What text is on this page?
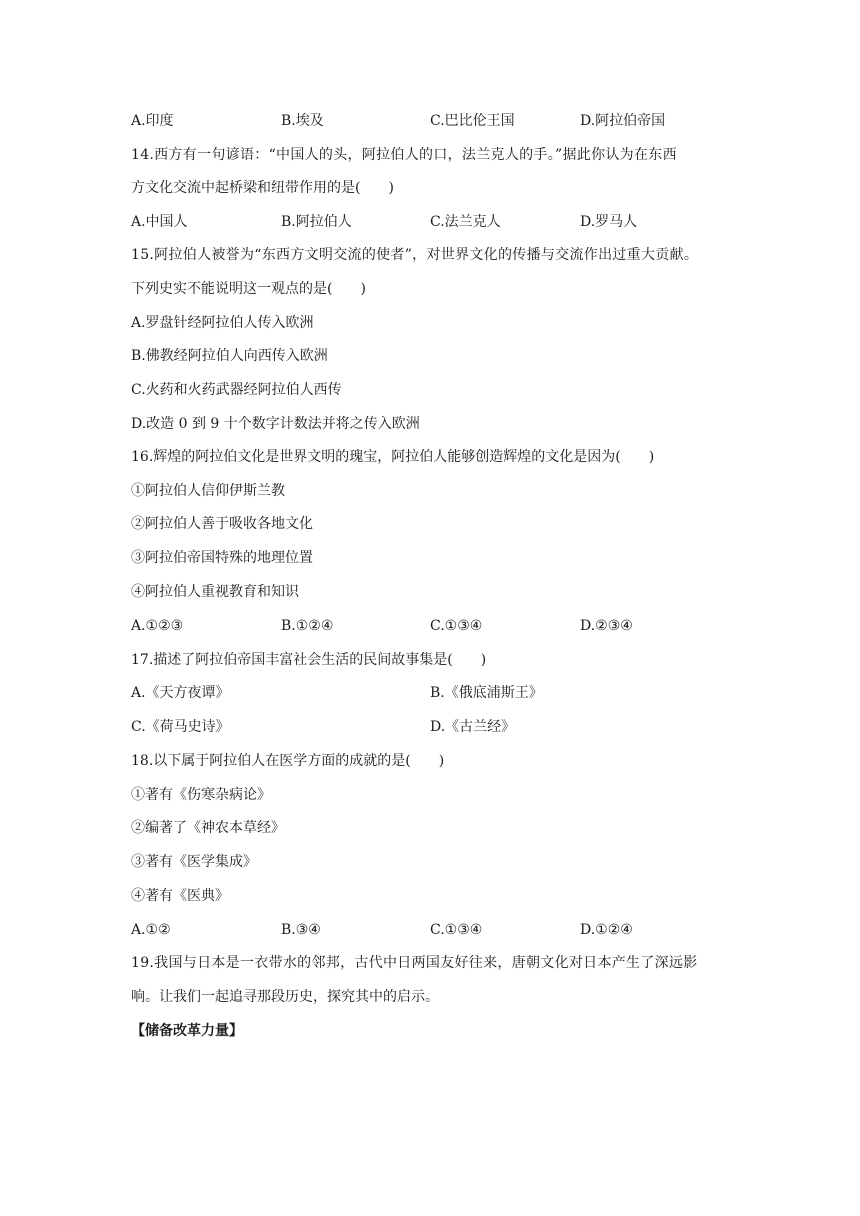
A.印度	B.埃及	C.巴比伦王国	D.阿拉伯帝国
14.西方有一句谚语：“中国人的头，阿拉伯人的口，法兰克人的手。”据此你认为在东西
方文化交流中起桥梁和纽带作用的是(　　)
A.中国人	B.阿拉伯人	C.法兰克人	D.罗马人
15.阿拉伯人被誉为“东西方文明交流的使者”，对世界文化的传播与交流作出过重大贡献。
下列史实不能说明这一观点的是(　　)
A.罗盘针经阿拉伯人传入欧洲
B.佛教经阿拉伯人向西传入欧洲
C.火药和火药武器经阿拉伯人西传
D.改造 0 到 9 十个数字计数法并将之传入欧洲
16.辉煌的阿拉伯文化是世界文明的瑰宝，阿拉伯人能够创造辉煌的文化是因为(　　)
①阿拉伯人信仰伊斯兰教
②阿拉伯人善于吸收各地文化
③阿拉伯帝国特殊的地理位置
④阿拉伯人重视教育和知识
A.①②③	B.①②④	C.①③④	D.②③④
17.描述了阿拉伯帝国丰富社会生活的民间故事集是(　　)
A.《天方夜谭》	B.《俄底浦斯王》
C.《荷马史诗》	D.《古兰经》
18.以下属于阿拉伯人在医学方面的成就的是(　　)
①著有《伤寒杂病论》
②编著了《神农本草经》
③著有《医学集成》
④著有《医典》
A.①②	B.③④	C.①③④	D.①②④
19.我国与日本是一衣带水的邻邦，古代中日两国友好往来，唐朝文化对日本产生了深远影
响。让我们一起追寻那段历史，探究其中的启示。
【储备改革力量】
